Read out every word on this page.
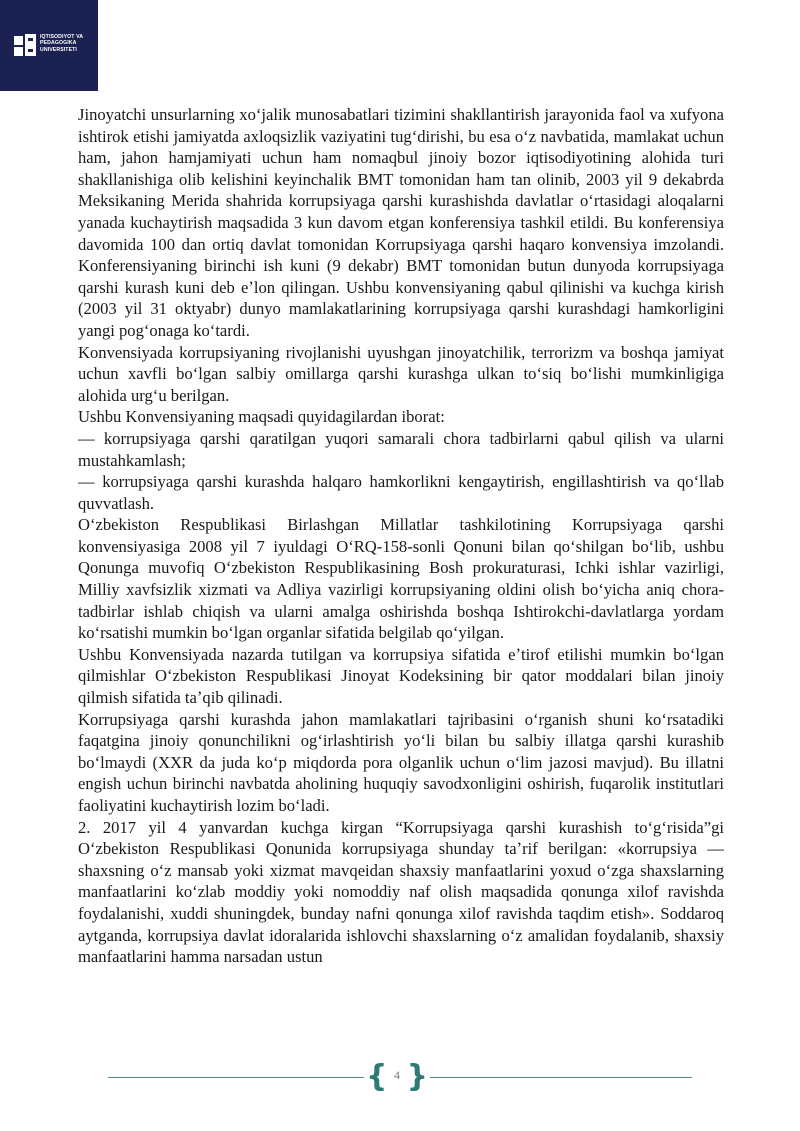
IQTISODIYOT VA
PEDAGOGIKA
UNIVERSITETI

Jinoyatchi unsurlarning xoʻjalik munosabatlari tizimini shakllantirish jarayonida faol va xufyona ishtirok etishi jamiyatda axloqsizlik vaziyatini tugʻdirishi, bu esa oʻz navbatida, mamlakat uchun ham, jahon hamjamiyati uchun ham nomaqbul jinoiy bozor iqtisodiyotining alohida turi shakllanishiga olib kelishini keyinchalik BMT tomonidan ham tan olinib, 2003 yil 9 dekabrda Meksikaning Merida shahrida korrupsiyaga qarshi kurashishda davlatlar oʻrtasidagi aloqalarni yanada kuchaytirish maqsadida 3 kun davom etgan konferensiya tashkil etildi. Bu konferensiya davomida 100 dan ortiq davlat tomonidan Korrupsiyaga qarshi haqaro konvensiya imzolandi. Konferensiyaning birinchi ish kuni (9 dekabr) BMT tomonidan butun dunyoda korrupsiyaga qarshi kurash kuni deb eʼlon qilingan. Ushbu konvensiyaning qabul qilinishi va kuchga kirish (2003 yil 31 oktyabr) dunyo mamlakatlarining korrupsiyaga qarshi kurashdagi hamkorligini yangi pogʻonaga koʻtardi.

Konvensiyada korrupsiyaning rivojlanishi uyushgan jinoyatchilik, terrorizm va boshqa jamiyat uchun xavfli boʻlgan salbiy omillarga qarshi kurashga ulkan toʻsiq boʻlishi mumkinligiga alohida urgʻu berilgan.

Ushbu Konvensiyaning maqsadi quyidagilardan iborat:

— korrupsiyaga qarshi qaratilgan yuqori samarali chora tadbirlarni qabul qilish va ularni mustahkamlash;

— korrupsiyaga qarshi kurashda halqaro hamkorlikni kengaytirish, engillashtirish va qoʻllab quvvatlash.

Oʻzbekiston Respublikasi Birlashgan Millatlar tashkilotining Korrupsiyaga qarshi konvensiyasiga 2008 yil 7 iyuldagi OʻRQ-158-sonli Qonuni bilan qoʻshilgan boʻlib, ushbu Qonunga muvofiq Oʻzbekiston Respublikasining Bosh prokuraturasi, Ichki ishlar vazirligi, Milliy xavfsizlik xizmati va Adliya vazirligi korrupsiyaning oldini olish boʻyicha aniq chora-tadbirlar ishlab chiqish va ularni amalga oshirishda boshqa Ishtirokchi-davlatlarga yordam koʻrsatishi mumkin boʻlgan organlar sifatida belgilab qoʻyilgan.

Ushbu Konvensiyada nazarda tutilgan va korrupsiya sifatida eʼtirof etilishi mumkin boʻlgan qilmishlar Oʻzbekiston Respublikasi Jinoyat Kodeksining bir qator moddalari bilan jinoiy qilmish sifatida taʼqib qilinadi.

Korrupsiyaga qarshi kurashda jahon mamlakatlari tajribasini oʻrganish shuni koʻrsatadiki faqatgina jinoiy qonunchilikni ogʻirlashtirish yoʻli bilan bu salbiy illatga qarshi kurashib boʻlmaydi (XXR da juda koʻp miqdorda pora olganlik uchun oʻlim jazosi mavjud). Bu illatni engish uchun birinchi navbatda aholining huquqiy savodxonligini oshirish, fuqarolik institutlari faoliyatini kuchaytirish lozim boʻladi.

2. 2017 yil 4 yanvardan kuchga kirgan “Korrupsiyaga qarshi kurashish toʻgʻrisida”gi Oʻzbekiston Respublikasi Qonunida korrupsiyaga shunday taʼrif berilgan: «korrupsiya — shaxsning oʻz mansab yoki xizmat mavqeidan shaxsiy manfaatlarini yoxud oʻzga shaxslarning manfaatlarini koʻzlab moddiy yoki nomoddiy naf olish maqsadida qonunga xilof ravishda foydalanishi, xuddi shuningdek, bunday nafni qonunga xilof ravishda taqdim etish». Soddaroq aytganda, korrupsiya davlat idoralarida ishlovchi shaxslarning oʻz amalidan foydalanib, shaxsiy manfaatlarini hamma narsadan ustun

{ 4 }
